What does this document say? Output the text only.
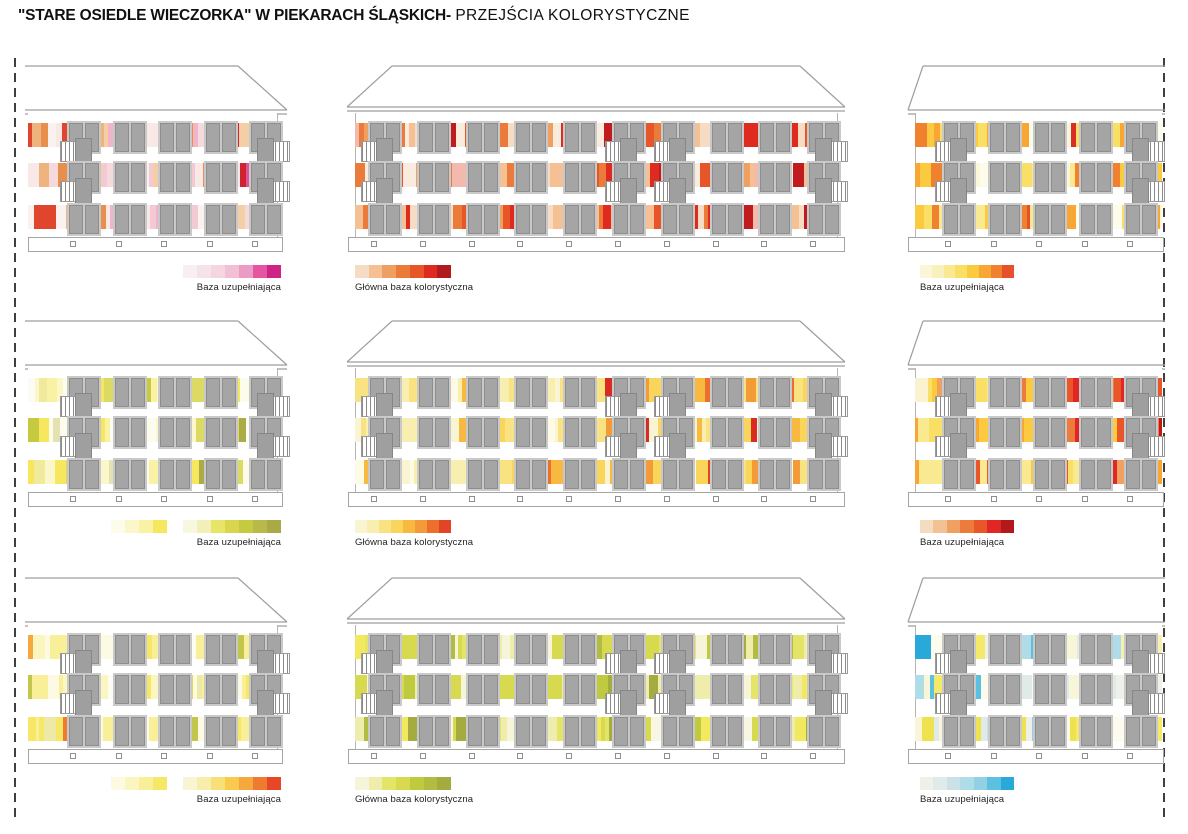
"STARE OSIEDLE WIECZORKA" W PIEKARACH ŚLĄSKICH- PRZEJŚCIA KOLORYSTYCZNE
Baza uzupełniająca	Główna baza kolorystyczna	Baza uzupełniająca
Baza uzupełniająca	Główna baza kolorystyczna	Baza uzupełniająca
Baza uzupełniająca	Główna baza kolorystyczna	Baza uzupełniająca
